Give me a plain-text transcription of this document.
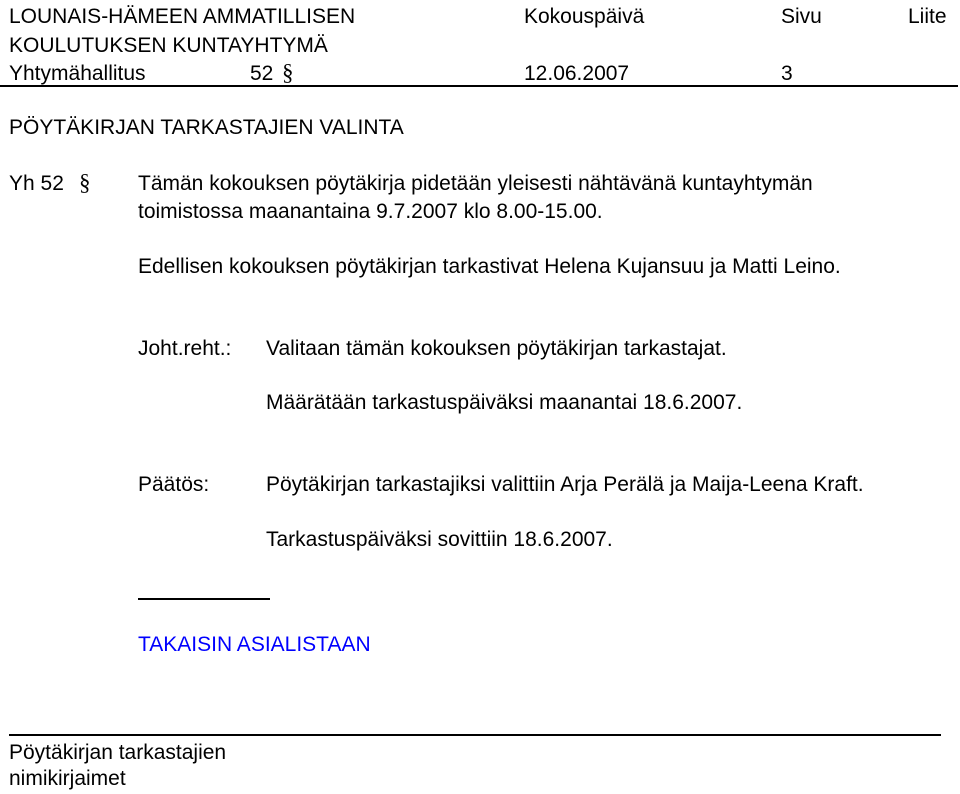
LOUNAIS-HÄMEEN AMMATILLISEN
KOULUTUKSEN KUNTAYHTYMÄ
Yhtymähallitus	52 §
Kokouspäivä
12.06.2007
Sivu
3
Liite
PÖYTÄKIRJAN TARKASTAJIEN VALINTA
Yh 52 § Tämän kokouksen pöytäkirja pidetään yleisesti nähtävänä kuntayhtymän
toimistossa maanantaina 9.7.2007 klo 8.00-15.00.
Edellisen kokouksen pöytäkirjan tarkastivat Helena Kujansuu ja Matti Leino.
Joht.reht.: Valitaan tämän kokouksen pöytäkirjan tarkastajat.
Määrätään tarkastuspäiväksi maanantai 18.6.2007.
Päätös:	Pöytäkirjan tarkastajiksi valittiin Arja Perälä ja Maija-Leena Kraft.
Tarkastuspäiväksi sovittiin 18.6.2007.
TAKAISIN ASIALISTAAN
Pöytäkirjan tarkastajien
nimikirjaimet
